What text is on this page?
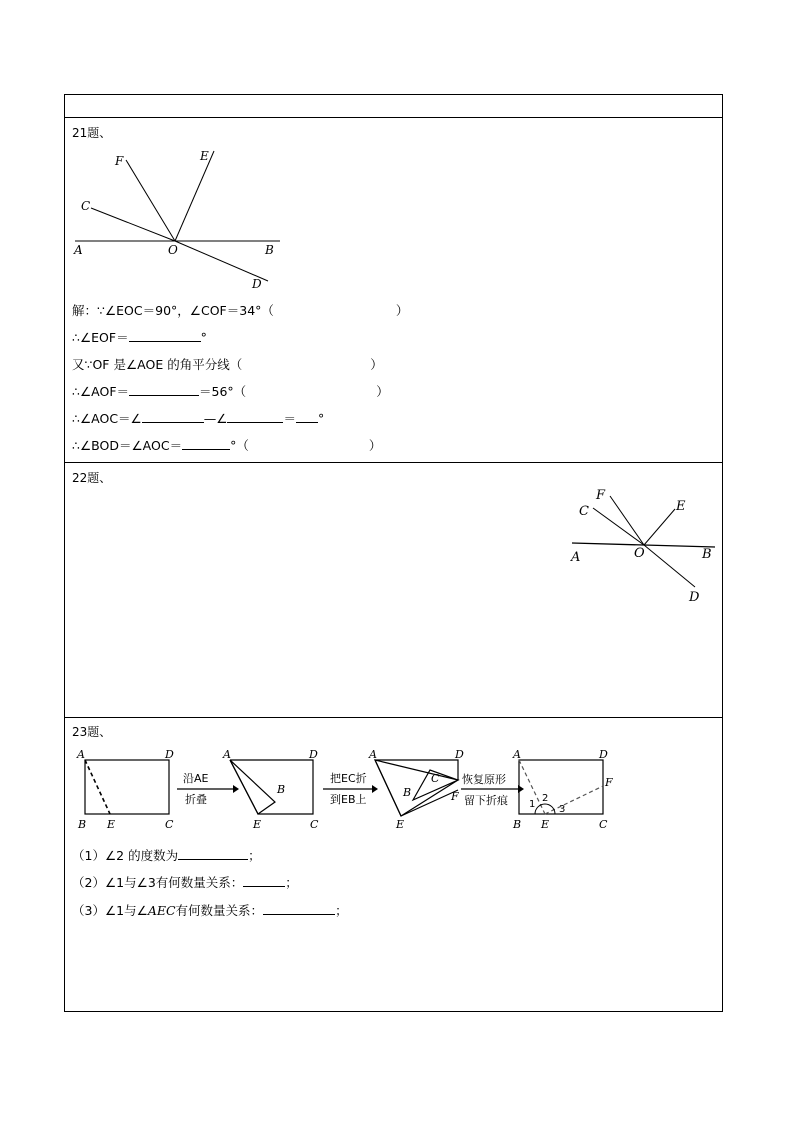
21题、
A	B
C
D
E
F
O
解：∵∠EOC＝90°，∠COF＝34°（	）
∴∠EOF＝	°
又∵OF 是∠AOE 的角平分线（	）
∴∠AOF＝	＝56°（	）
∴∠AOC＝∠	—∠	＝ °
∴∠BOD＝∠AOC＝	°（	）
22题、
A	B
C
D
E
F
O
23题、
A	D
B E	C
沿AE
折叠
A	D
B
E	C
把EC折
到EB上
A	D
B
C
F
E
恢复原形
留下折痕
A	D
F
B E	C
1
2
3
（1）∠2 的度数为	；
（2）∠1与∠3有何数量关系：	；
（3）∠1与∠AEC有何数量关系：	；
